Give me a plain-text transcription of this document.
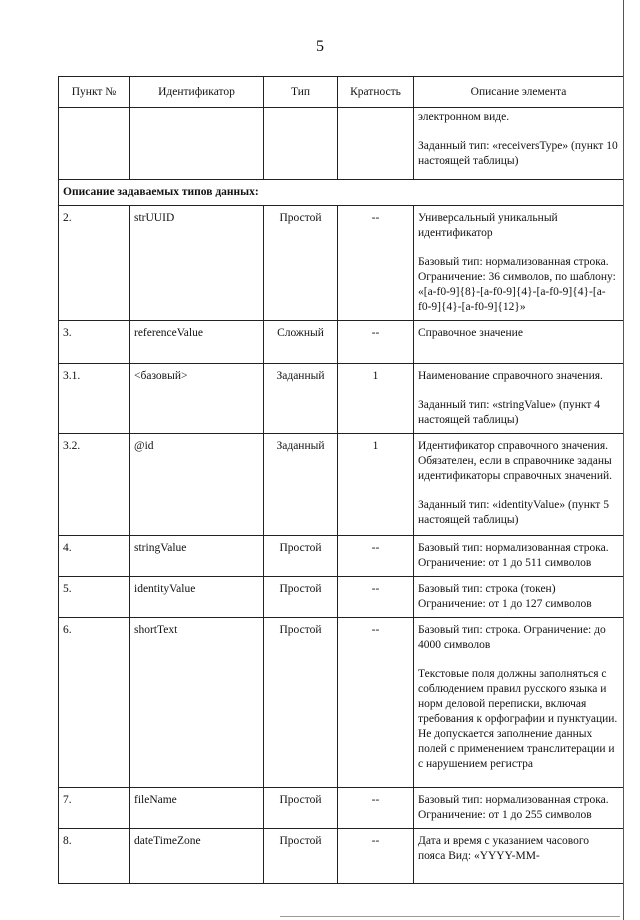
5
Пункт №	Идентификатор	Тип	Кратность	Описание элемента

				электронном виде.

Заданный тип: «receiversType» (пункт 10 настоящей таблицы)

Описание задаваемых типов данных:				
2.	strUUID	Простой	--	Универсальный уникальный идентификатор

Базовый тип: нормализованная строка. Ограничение: 36 символов, по шаблону: «[a-f0-9]{8}-[a-f0-9]{4}-[a-f0-9]{4}-[a-f0-9]{4}-[a-f0-9]{12}»

3.	referenceValue	Сложный	--	Справочное значение

3.1.	<базовый>	Заданный	1	Наименование справочного значения.

Заданный тип: «stringValue» (пункт 4 настоящей таблицы)

3.2.	@id	Заданный	1	Идентификатор справочного значения. Обязателен, если в справочнике заданы идентификаторы справочных значений.

Заданный тип: «identityValue» (пункт 5 настоящей таблицы)

4.	stringValue	Простой	--	Базовый тип: нормализованная строка. Ограничение: от 1 до 511 символов

5.	identityValue	Простой	--	Базовый тип: строка (токен) Ограничение: от 1 до 127 символов

6.	shortText	Простой	--	Базовый тип: строка. Ограничение: до 4000 символов

Текстовые поля должны заполняться с соблюдением правил русского языка и норм деловой переписки, включая требования к орфографии и пунктуации. Не допускается заполнение данных полей с применением транслитерации и с нарушением регистра

7.	fileName	Простой	--	Базовый тип: нормализованная строка. Ограничение: от 1 до 255 символов

8.	dateTimeZone	Простой	--	Дата и время с указанием часового пояса Вид: «YYYY-MM-
